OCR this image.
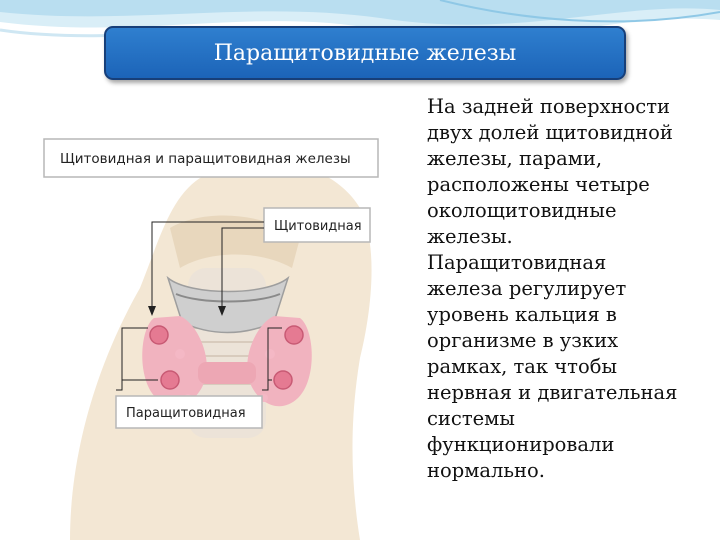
Паращитовидные железы
Щитовидная и паращитовидная железы
Щитовидная
Паращитовидная
На задней поверхности
двух долей щитовидной
железы, парами,
расположены четыре
околощитовидные
железы.
Паращитовидная
железа регулирует
уровень кальция в
организме в узких
рамках, так чтобы
нервная и двигательная
системы
функционировали
нормально.
